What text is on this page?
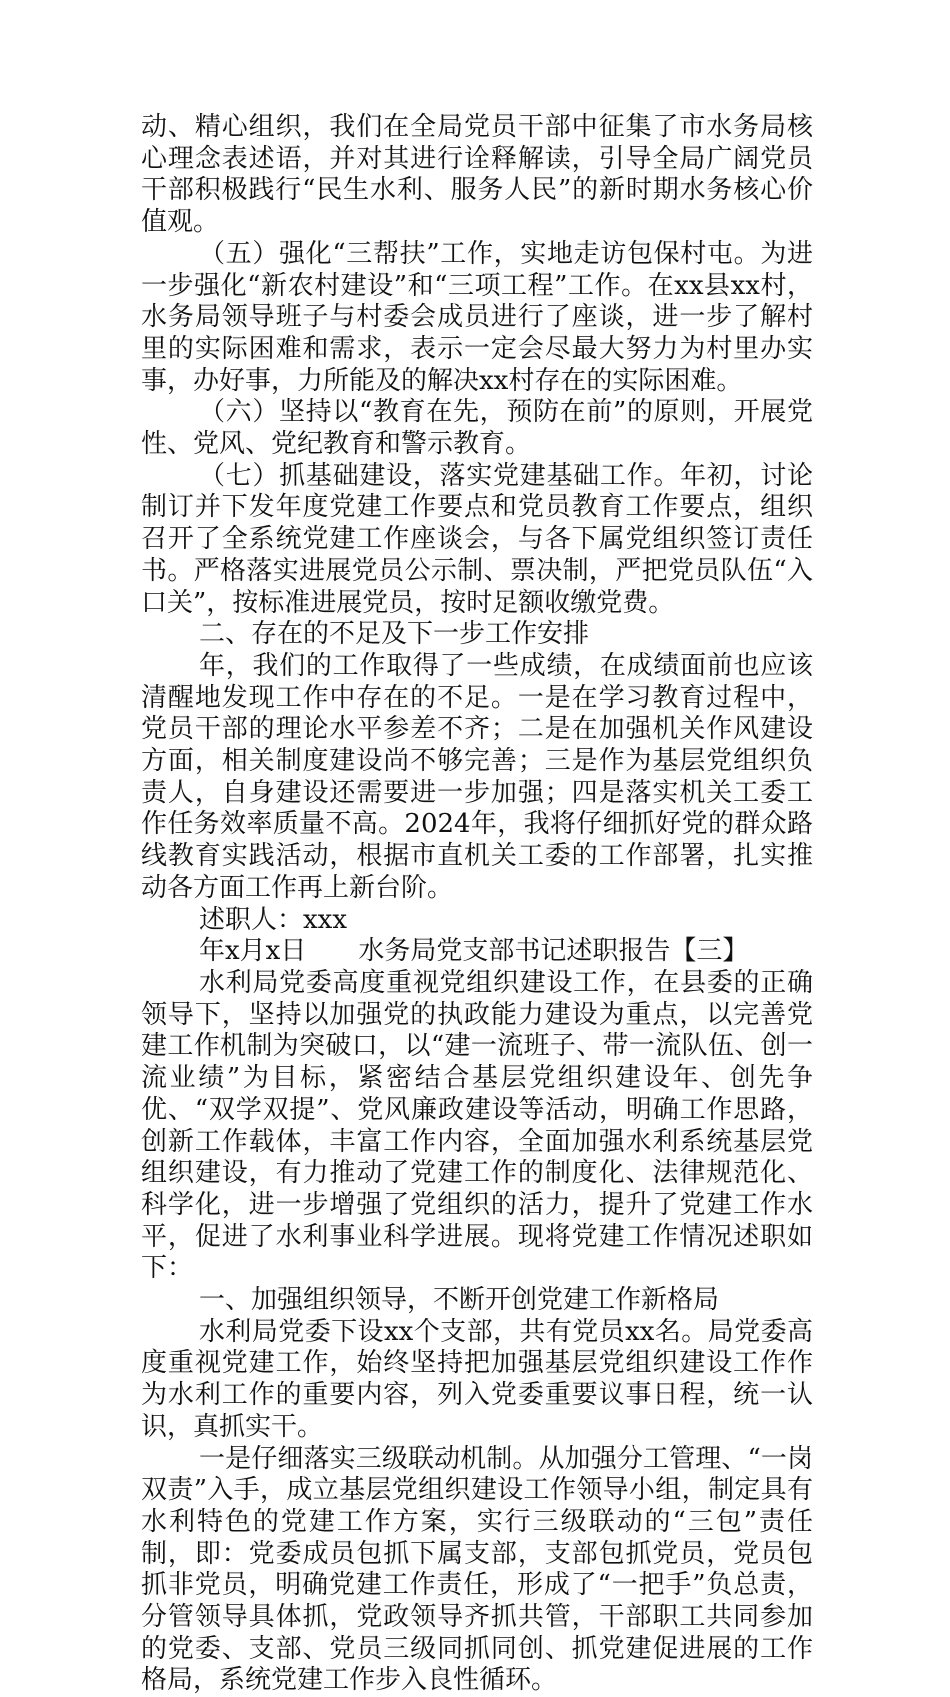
动、精心组织，我们在全局党员干部中征集了市水务局核心理念表述语，并对其进行诠释解读，引导全局广阔党员干部积极践行“民生水利、服务人民”的新时期水务核心价值观。

（五）强化“三帮扶”工作，实地走访包保村屯。为进一步强化“新农村建设”和“三项工程”工作。在xx县xx村，水务局领导班子与村委会成员进行了座谈，进一步了解村里的实际困难和需求，表示一定会尽最大努力为村里办实事，办好事，力所能及的解决xx村存在的实际困难。

（六）坚持以“教育在先，预防在前”的原则，开展党性、党风、党纪教育和警示教育。

（七）抓基础建设，落实党建基础工作。年初，讨论制订并下发年度党建工作要点和党员教育工作要点，组织召开了全系统党建工作座谈会，与各下属党组织签订责任书。严格落实进展党员公示制、票决制，严把党员队伍“入口关”，按标准进展党员，按时足额收缴党费。

二、存在的不足及下一步工作安排

年，我们的工作取得了一些成绩，在成绩面前也应该清醒地发现工作中存在的不足。一是在学习教育过程中，党员干部的理论水平参差不齐；二是在加强机关作风建设方面，相关制度建设尚不够完善；三是作为基层党组织负责人，自身建设还需要进一步加强；四是落实机关工委工作任务效率质量不高。2024年，我将仔细抓好党的群众路线教育实践活动，根据市直机关工委的工作部署，扎实推动各方面工作再上新台阶。

述职人：xxx

年x月x日　　水务局党支部书记述职报告【三】

水利局党委高度重视党组织建设工作，在县委的正确领导下，坚持以加强党的执政能力建设为重点，以完善党建工作机制为突破口，以“建一流班子、带一流队伍、创一流业绩”为目标，紧密结合基层党组织建设年、创先争优、“双学双提”、党风廉政建设等活动，明确工作思路，创新工作载体，丰富工作内容，全面加强水利系统基层党组织建设，有力推动了党建工作的制度化、法律规范化、科学化，进一步增强了党组织的活力，提升了党建工作水平，促进了水利事业科学进展。现将党建工作情况述职如下：

一、加强组织领导，不断开创党建工作新格局

水利局党委下设xx个支部，共有党员xx名。局党委高度重视党建工作，始终坚持把加强基层党组织建设工作作为水利工作的重要内容，列入党委重要议事日程，统一认识，真抓实干。

一是仔细落实三级联动机制。从加强分工管理、“一岗双责”入手，成立基层党组织建设工作领导小组，制定具有水利特色的党建工作方案，实行三级联动的“三包”责任制，即：党委成员包抓下属支部，支部包抓党员，党员包抓非党员，明确党建工作责任，形成了“一把手”负总责，分管领导具体抓，党政领导齐抓共管，干部职工共同参加的党委、支部、党员三级同抓同创、抓党建促进展的工作格局，系统党建工作步入良性循环。
